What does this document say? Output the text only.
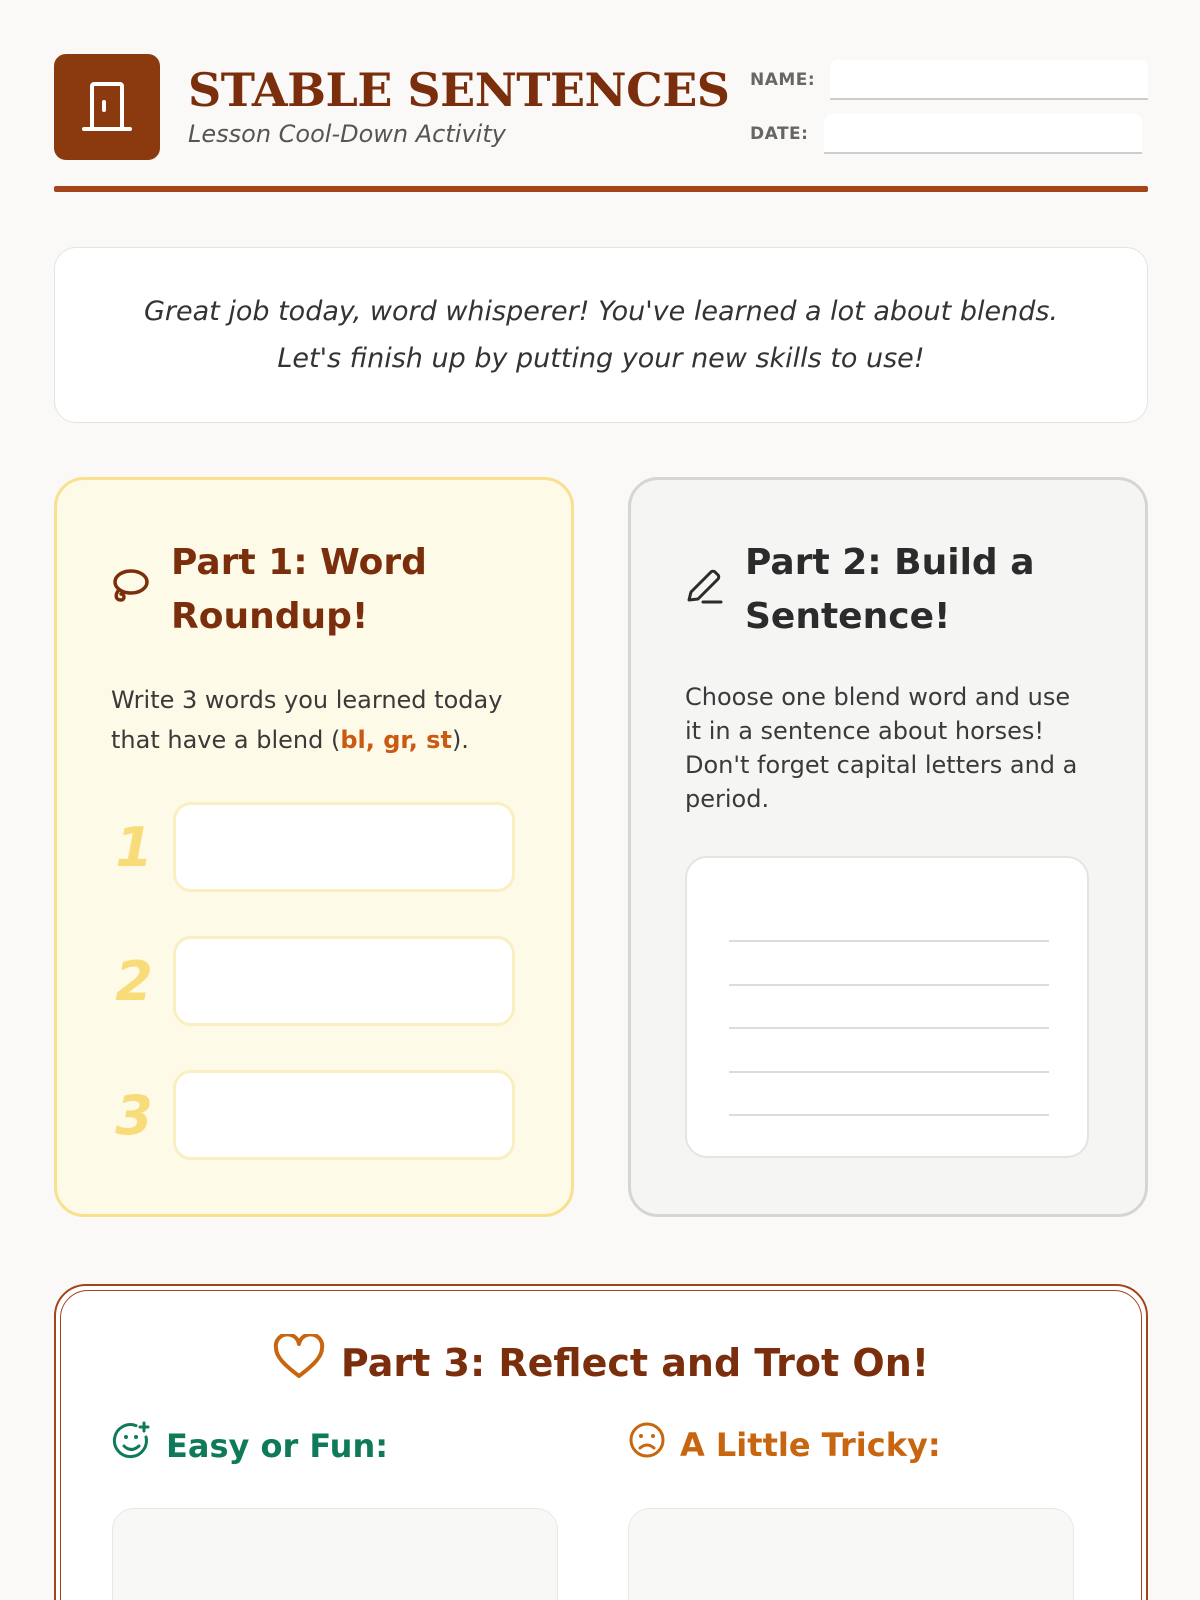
STABLE SENTENCES
Lesson Cool-Down Activity
NAME:
DATE:

Great job today, word whisperer! You've learned a lot about blends. Let's finish up by putting your new skills to use!

Part 1: Word Roundup!
Write 3 words you learned today that have a blend (bl, gr, st).
1
2
3
Part 2: Build a Sentence!
Choose one blend word and use it in a sentence about horses! Don't forget capital letters and a period.
Part 3: Reflect and Trot On!
Easy or Fun:	A Little Tricky:
